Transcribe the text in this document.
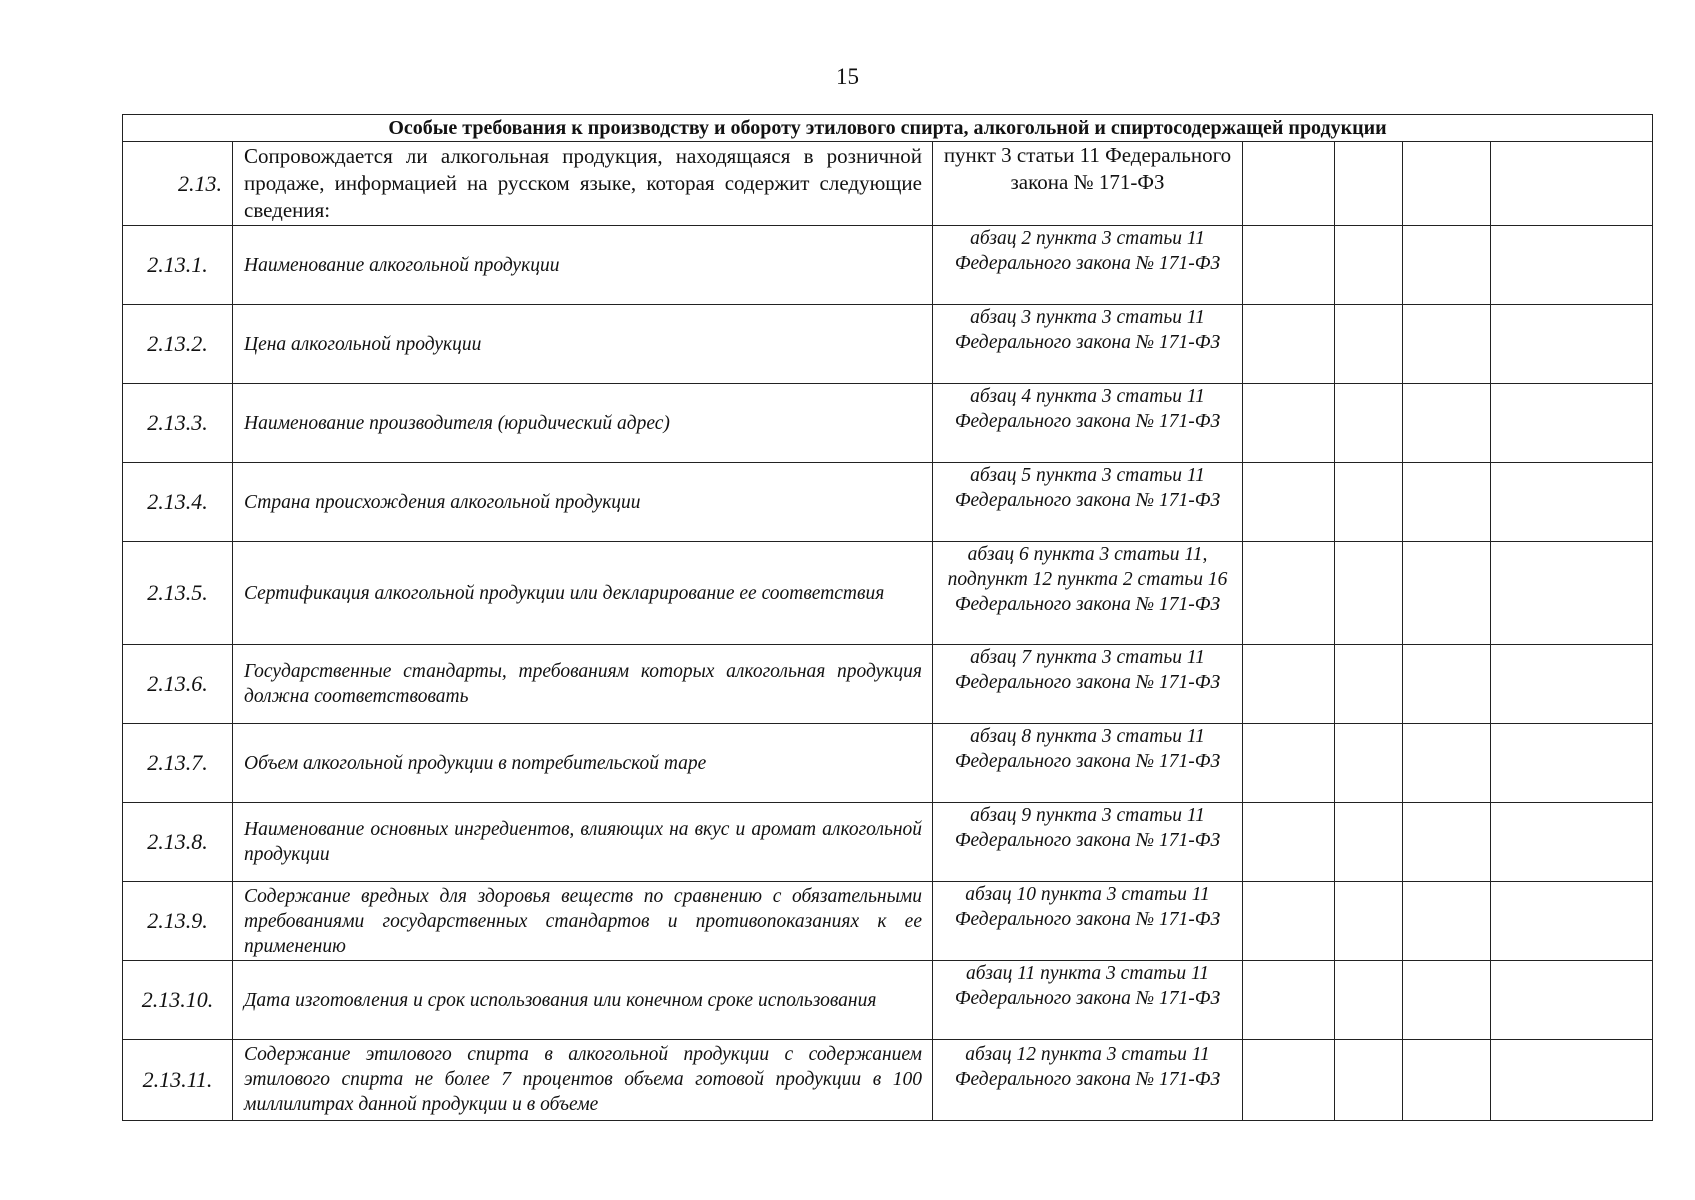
15
Особые требования к производству и обороту этилового спирта, алкогольной и спиртосодержащей продукции						
2.13.	Сопровождается ли алкогольная продукция, находящаяся в розничной продаже, информацией на русском языке, которая содержит следующие сведения:	пункт 3 статьи 11 Федерального закона № 171-ФЗ				
2.13.1.	Наименование алкогольной продукции	абзац 2 пункта 3 статьи 11 Федерального закона № 171-ФЗ				
2.13.2.	Цена алкогольной продукции	абзац 3 пункта 3 статьи 11 Федерального закона № 171-ФЗ				
2.13.3.	Наименование производителя (юридический адрес)	абзац 4 пункта 3 статьи 11 Федерального закона № 171-ФЗ				
2.13.4.	Страна происхождения алкогольной продукции	абзац 5 пункта 3 статьи 11 Федерального закона № 171-ФЗ				
2.13.5.	Сертификация алкогольной продукции или декларирование ее соответствия	абзац 6 пункта 3 статьи 11, подпункт 12 пункта 2 статьи 16 Федерального закона № 171-ФЗ				
2.13.6.	Государственные стандарты, требованиям которых алкогольная продукция должна соответствовать	абзац 7 пункта 3 статьи 11 Федерального закона № 171-ФЗ				
2.13.7.	Объем алкогольной продукции в потребительской таре	абзац 8 пункта 3 статьи 11 Федерального закона № 171-ФЗ				
2.13.8.	Наименование основных ингредиентов, влияющих на вкус и аромат алкогольной продукции	абзац 9 пункта 3 статьи 11 Федерального закона № 171-ФЗ				
2.13.9.	Содержание вредных для здоровья веществ по сравнению с обязательными требованиями государственных стандартов и противопоказаниях к ее применению	абзац 10 пункта 3 статьи 11 Федерального закона № 171-ФЗ				
2.13.10.	Дата изготовления и срок использования или конечном сроке использования	абзац 11 пункта 3 статьи 11 Федерального закона № 171-ФЗ				
2.13.11.	Содержание этилового спирта в алкогольной продукции с содержанием этилового спирта не более 7 процентов объема готовой продукции в 100 миллилитрах данной продукции и в объеме	абзац 12 пункта 3 статьи 11 Федерального закона № 171-ФЗ				
